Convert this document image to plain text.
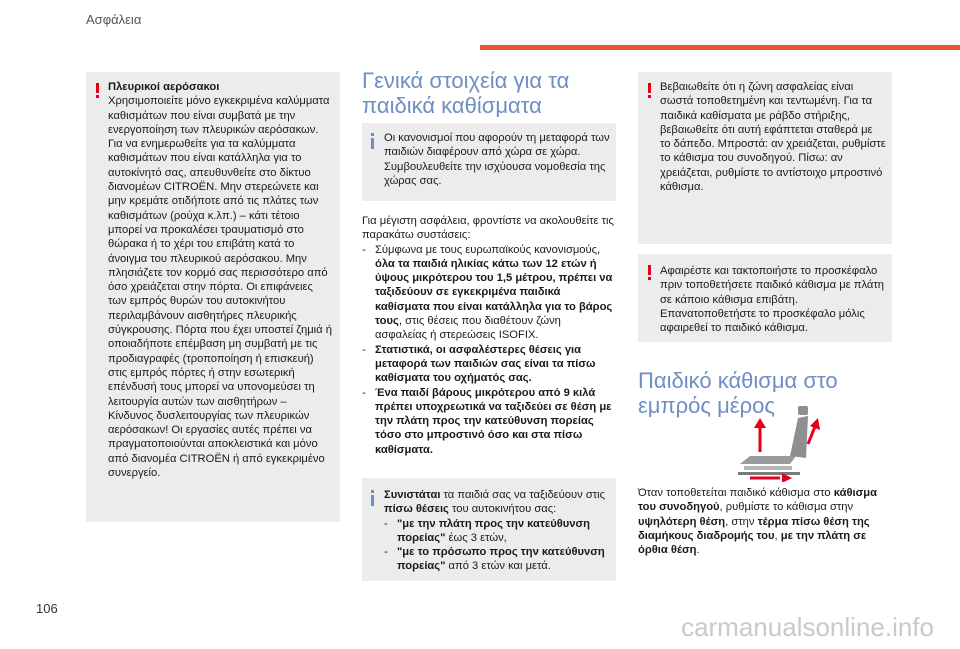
Ασφάλεια
Πλευρικοί αερόσακοι
Χρησιμοποιείτε μόνο εγκεκριμένα καλύμματα καθισμάτων που είναι συμβατά με την ενεργοποίηση των πλευρικών αερόσακων. Για να ενημερωθείτε για τα καλύμματα καθισμάτων που είναι κατάλληλα για το αυτοκίνητό σας, απευθυνθείτε στο δίκτυο διανομέων CITROËN. Μην στερεώνετε και μην κρεμάτε οτιδήποτε από τις πλάτες των καθισμάτων (ρούχα κ.λπ.) – κάτι τέτοιο μπορεί να προκαλέσει τραυματισμό στο θώρακα ή το χέρι του επιβάτη κατά το άνοιγμα του πλευρικού αερόσακου. Μην πλησιάζετε τον κορμό σας περισσότερο από όσο χρειάζεται στην πόρτα. Οι επιφάνειες των εμπρός θυρών του αυτοκινήτου περιλαμβάνουν αισθητήρες πλευρικής σύγκρουσης. Πόρτα που έχει υποστεί ζημιά ή οποιαδήποτε επέμβαση μη συμβατή με τις προδιαγραφές (τροποποίηση ή επισκευή) στις εμπρός πόρτες ή στην εσωτερική επένδυσή τους μπορεί να υπονομεύσει τη λειτουργία αυτών των αισθητήρων – Κίνδυνος δυσλειτουργίας των πλευρικών αερόσακων! Οι εργασίες αυτές πρέπει να πραγματοποιούνται αποκλειστικά και μόνο από διανομέα CITROËN ή από εγκεκριμένο συνεργείο.
Γενικά στοιχεία για τα παιδικά καθίσματα
Οι κανονισμοί που αφορούν τη μεταφορά των παιδιών διαφέρουν από χώρα σε χώρα. Συμβουλευθείτε την ισχύουσα νομοθεσία της χώρας σας.
Για μέγιστη ασφάλεια, φροντίστε να ακολουθείτε τις παρακάτω συστάσεις:
- Σύμφωνα με τους ευρωπαϊκούς κανονισμούς, όλα τα παιδιά ηλικίας κάτω των 12 ετών ή ύψους μικρότερου του 1,5 μέτρου, πρέπει να ταξιδεύουν σε εγκεκριμένα παιδικά καθίσματα που είναι κατάλληλα για το βάρος τους, στις θέσεις που διαθέτουν ζώνη ασφαλείας ή στερεώσεις ISOFIX.
- Στατιστικά, οι ασφαλέστερες θέσεις για μεταφορά των παιδιών σας είναι τα πίσω καθίσματα του οχήματός σας.
- Ένα παιδί βάρους μικρότερου από 9 κιλά πρέπει υποχρεωτικά να ταξιδεύει σε θέση με την πλάτη προς την κατεύθυνση πορείας τόσο στο μπροστινό όσο και στα πίσω καθίσματα.
Συνιστάται τα παιδιά σας να ταξιδεύουν στις πίσω θέσεις του αυτοκινήτου σας:
- "με την πλάτη προς την κατεύθυνση πορείας" έως 3 ετών,
- "με το πρόσωπο προς την κατεύθυνση πορείας" από 3 ετών και μετά.
Βεβαιωθείτε ότι η ζώνη ασφαλείας είναι σωστά τοποθετημένη και τεντωμένη. Για τα παιδικά καθίσματα με ράβδο στήριξης, βεβαιωθείτε ότι αυτή εφάπτεται σταθερά με το δάπεδο. Μπροστά: αν χρειάζεται, ρυθμίστε το κάθισμα του συνοδηγού. Πίσω: αν χρειάζεται, ρυθμίστε το αντίστοιχο μπροστινό κάθισμα.
Αφαιρέστε και τακτοποιήστε το προσκέφαλο πριν τοποθετήσετε παιδικό κάθισμα με πλάτη σε κάποιο κάθισμα επιβάτη. Επανατοποθετήστε το προσκέφαλο μόλις αφαιρεθεί το παιδικό κάθισμα.
Παιδικό κάθισμα στο εμπρός μέρος
Όταν τοποθετείται παιδικό κάθισμα στο κάθισμα του συνοδηγού, ρυθμίστε το κάθισμα στην υψηλότερη θέση, στην τέρμα πίσω θέση της διαμήκους διαδρομής του, με την πλάτη σε όρθια θέση.
106
carmanualsonline.info
